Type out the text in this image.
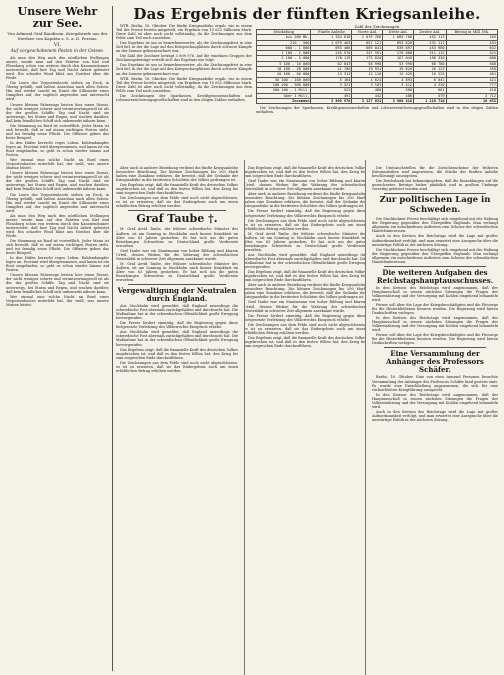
Unsere Wehr zur See.

Von Admiral Graf Baudissin. Kriegsbriefe aus der Nordsee von Kapitän z. S. a. D. Persius.

VI.

Auf vorgeschobenem Posten in der Ostsee.

Als man den Weg nach den nördlichen Stellungen antrat, wurde man auf den Fahrten von Kiel und Flensburg schon von weitem durch den Kanonendonner unterrichtet, daß hier Tag und Nacht Arbeit geleistet wird. Ein scharfer Wind bläst aus Nordost über die Förde.

Die Leute der Vorpostenboote stehen an Deck, in Ölzeug gehüllt, und halten Ausschau nach allen Seiten. Hin und wieder taucht im Dunst die Silhouette eines Dampfers auf, der sogleich angerufen und untersucht wird.

Unsere kleinen Fahrzeuge leisten hier einen Dienst, der nicht weniger schwer und verantwortungsvoll ist als der der großen Schiffe. Tag und Nacht sind sie unterwegs, bei Sturm und Regen, und wachen darüber, daß kein feindliches Schiff sich unbemerkt nähern kann.

Die Stimmung an Bord ist vortrefflich. Jeder Mann ist sich bewußt, daß er auf einem wichtigen Posten steht, und tut freudig seine Pflicht. Die Offiziere geben das beste Beispiel.

In den Häfen herrscht reges Leben. Kohlendampfer legen an, Proviant wird übergenommen, und kaum ist ein Boot eingelaufen, so geht es schon wieder hinaus auf Posten.

Wer einmal eine solche Nacht an Bord eines Vorpostenbootes miterlebt hat, der weiß, was unsere Marine leistet.

Unsere kleinen Fahrzeuge leisten hier einen Dienst, der nicht weniger schwer und verantwortungsvoll ist als der der großen Schiffe. Tag und Nacht sind sie unterwegs, bei Sturm und Regen, und wachen darüber, daß kein feindliches Schiff sich unbemerkt nähern kann.

Die Leute der Vorpostenboote stehen an Deck, in Ölzeug gehüllt, und halten Ausschau nach allen Seiten. Hin und wieder taucht im Dunst die Silhouette eines Dampfers auf, der sogleich angerufen und untersucht wird.

Als man den Weg nach den nördlichen Stellungen antrat, wurde man auf den Fahrten von Kiel und Flensburg schon von weitem durch den Kanonendonner unterrichtet, daß hier Tag und Nacht Arbeit geleistet wird. Ein scharfer Wind bläst aus Nordost über die Förde.

Die Stimmung an Bord ist vortrefflich. Jeder Mann ist sich bewußt, daß er auf einem wichtigen Posten steht, und tut freudig seine Pflicht. Die Offiziere geben das beste Beispiel.

In den Häfen herrscht reges Leben. Kohlendampfer legen an, Proviant wird übergenommen, und kaum ist ein Boot eingelaufen, so geht es schon wieder hinaus auf Posten.

Unsere kleinen Fahrzeuge leisten hier einen Dienst, der nicht weniger schwer und verantwortungsvoll ist als der der großen Schiffe. Tag und Nacht sind sie unterwegs, bei Sturm und Regen, und wachen darüber, daß kein feindliches Schiff sich unbemerkt nähern kann.

Wer einmal eine solche Nacht an Bord eines Vorpostenbootes miterlebt hat, der weiß, was unsere Marine leistet.

Das Ergebnis der fünften Kriegsanleihe.

WTB. Berlin, 16. Oktober. Die fünfte Kriegsanleihe ergab, wie in einem Teil der Presse bereits mitgeteilt, ein Ergebnis von 10 652 Millionen Mark. Diese Zahl ist aber noch nicht vollständig, da die Zeichnungen aus dem Felde zum Teil noch ausstehen.

Das Ergebnis ist um so bemerkenswerter, als die Zeichnungsfrist in eine Zeit fiel, in der die Lage auf den Kriegsschauplätzen durch schwere Kämpfe an der Somme gekennzeichnet war.

Die Zahl der Zeichner beträgt 3 809 976. Auf die einzelnen Gruppen der Zeichnungsbeträge verteilt sich das Ergebnis wie folgt:

Das Ergebnis ist um so bemerkenswerter, als die Zeichnungsfrist in eine Zeit fiel, in der die Lage auf den Kriegsschauplätzen durch schwere Kämpfe an der Somme gekennzeichnet war.

WTB. Berlin, 16. Oktober. Die fünfte Kriegsanleihe ergab, wie in einem Teil der Presse bereits mitgeteilt, ein Ergebnis von 10 652 Millionen Mark. Diese Zahl ist aber noch nicht vollständig, da die Zeichnungen aus dem Felde zum Teil noch ausstehen.

Die Zeichnungen der Sparkassen, Kreditgenossenschaften und Lebensversicherungsgesellschaften sind in den obigen Zahlen enthalten.

Zahl der Zeichnungen

Stückelung	Fünfte Anleihe	Vierte Anl.	Dritte Anl.	Zweite Anl.	Betrag in Mill. Mk.
bis 200 Mk.	1 324 018	1 079 766	1 089 700	452 113	165
210 - 500	1 079 463	857 121	893 620	231 112	452
600 - 1 000	693 466	669 841	639 897	453 980	632
1 100 - 2 000	245 970	247 591	276 880	311 112	421
2 100 - 5 000	178 119	173 020	167 045	196 320	688
5 100 - 10 000	62 843	58 996	53 990	66 780	508
10 100 - 20 000	21 786	19 931	19 820	26 123	356
20 100 - 50 000	13 312	12 116	12 420	16 225	461
50 100 - 100 000	5 164	4 624	4 893	6 041	421
100 100 - 500 000	3 521	3 103	3 412	4 220	777
500 100 - 1 Mill.	523	480	508	661	410
über 1 Mill.	491	442	486	579	2 712
Zusammen	3 809 976	3 127 031	3 966 418	1 218 716	10 652

Die Zeichnungen der Sparkassen, Kreditgenossenschaften und Lebensversicherungsgesellschaften sind in den obigen Zahlen enthalten.

Aber auch in anderer Beziehung verdient die fünfte Kriegsanleihe besondere Beachtung. Die kleinen Zeichnungen bis 200 Mark haben eine Zunahme erfahren, die beweist, daß der Gedanke der Kriegsanleihe in die breitesten Schichten des Volkes gedrungen ist.

Das Ergebnis zeigt, daß die finanzielle Kraft des deutschen Volkes ungebrochen ist, und daß es den festen Willen hat, den Krieg bis zum siegreichen Ende durchzuführen.

Die Zeichnungen aus dem Felde sind noch nicht abgeschlossen; es ist zu erwarten, daß sie das Endergebnis noch um einen erheblichen Betrag erhöhen werden.

Graf Taube †.

M. Graf Arvid Taube, der frühere schwedische Minister des Äußern, ist am Sonntag in Stockholm nach kurzer Krankheit im Alter von 63 Jahren gestorben. Er hat sich um die guten Beziehungen Schwedens zu Deutschland große Verdienste erworben.

Graf Taube war ein Staatsmann von hoher Bildung und klarem Urteil, dessen Wirken für die Wahrung der schwedischen Neutralität in schwerer Zeit allgemein anerkannt wurde.

M. Graf Arvid Taube, der frühere schwedische Minister des Äußern, ist am Sonntag in Stockholm nach kurzer Krankheit im Alter von 63 Jahren gestorben. Er hat sich um die guten Beziehungen Schwedens zu Deutschland große Verdienste erworben.

Vergewaltigung der Neutralen durch England.

Aus Stockholm wird gemeldet, daß England neuerdings die schwedische Post abermals zurückgehalten und durchsucht hat. Die Maßnahme hat in der schwedischen Öffentlichkeit große Erregung hervorgerufen.

Die Presse fordert einmütig, daß die Regierung gegen diese fortgesetzte Verletzung des Völkerrechts Einspruch erhebe.

Aus Stockholm wird gemeldet, daß England neuerdings die schwedische Post abermals zurückgehalten und durchsucht hat. Die Maßnahme hat in der schwedischen Öffentlichkeit große Erregung hervorgerufen.

Das Ergebnis zeigt, daß die finanzielle Kraft des deutschen Volkes ungebrochen ist, und daß es den festen Willen hat, den Krieg bis zum siegreichen Ende durchzuführen.

Die Zeichnungen aus dem Felde sind noch nicht abgeschlossen; es ist zu erwarten, daß sie das Endergebnis noch um einen erheblichen Betrag erhöhen werden.

Das Ergebnis zeigt, daß die finanzielle Kraft des deutschen Volkes ungebrochen ist, und daß es den festen Willen hat, den Krieg bis zum siegreichen Ende durchzuführen.

Graf Taube war ein Staatsmann von hoher Bildung und klarem Urteil, dessen Wirken für die Wahrung der schwedischen Neutralität in schwerer Zeit allgemein anerkannt wurde.

Aber auch in anderer Beziehung verdient die fünfte Kriegsanleihe besondere Beachtung. Die kleinen Zeichnungen bis 200 Mark haben eine Zunahme erfahren, die beweist, daß der Gedanke der Kriegsanleihe in die breitesten Schichten des Volkes gedrungen ist.

Die Presse fordert einmütig, daß die Regierung gegen diese fortgesetzte Verletzung des Völkerrechts Einspruch erhebe.

Die Zeichnungen aus dem Felde sind noch nicht abgeschlossen; es ist zu erwarten, daß sie das Endergebnis noch um einen erheblichen Betrag erhöhen werden.

M. Graf Arvid Taube, der frühere schwedische Minister des Äußern, ist am Sonntag in Stockholm nach kurzer Krankheit im Alter von 63 Jahren gestorben. Er hat sich um die guten Beziehungen Schwedens zu Deutschland große Verdienste erworben.

Aus Stockholm wird gemeldet, daß England neuerdings die schwedische Post abermals zurückgehalten und durchsucht hat. Die Maßnahme hat in der schwedischen Öffentlichkeit große Erregung hervorgerufen.

Das Ergebnis zeigt, daß die finanzielle Kraft des deutschen Volkes ungebrochen ist, und daß es den festen Willen hat, den Krieg bis zum siegreichen Ende durchzuführen.

Aber auch in anderer Beziehung verdient die fünfte Kriegsanleihe besondere Beachtung. Die kleinen Zeichnungen bis 200 Mark haben eine Zunahme erfahren, die beweist, daß der Gedanke der Kriegsanleihe in die breitesten Schichten des Volkes gedrungen ist.

Graf Taube war ein Staatsmann von hoher Bildung und klarem Urteil, dessen Wirken für die Wahrung der schwedischen Neutralität in schwerer Zeit allgemein anerkannt wurde.

Die Presse fordert einmütig, daß die Regierung gegen diese fortgesetzte Verletzung des Völkerrechts Einspruch erhebe.

Die Zeichnungen aus dem Felde sind noch nicht abgeschlossen; es ist zu erwarten, daß sie das Endergebnis noch um einen erheblichen Betrag erhöhen werden.

Das Ergebnis zeigt, daß die finanzielle Kraft des deutschen Volkes ungebrochen ist, und daß es den festen Willen hat, den Krieg bis zum siegreichen Ende durchzuführen.

Die Umtauschstellen für die Zwischenscheine der früheren Kriegsanleihen sind angewiesen, die Stücke der fünften Anleihe beschleunigt auszugeben.

Die Reichsbank hat bekanntgegeben, daß die Einzahlungen auf die gezeichneten Beträge bisher pünktlich und in großem Umfange vorzeitig geleistet worden sind.

Zur politischen Lage in Schweden.

Die Stockholmer Presse beschäftigt sich eingehend mit der Haltung der Regierung gegenüber den Übergriffen Englands. Man verlangt allgemein ein entschiedenes Auftreten zum Schutze der schwedischen Handelsinteressen.

Auch in den Kreisen des Reichstags wird die Lage mit großer Aufmerksamkeit verfolgt, und man erwartet eine Aussprache über die auswärtige Politik in der nächsten Sitzung.

Die Stockholmer Presse beschäftigt sich eingehend mit der Haltung der Regierung gegenüber den Übergriffen Englands. Man verlangt allgemein ein entschiedenes Auftreten zum Schutze der schwedischen Handelsinteressen.

Die weiteren Aufgaben des Reichstagshauptausschusses.

In den Kreisen des Reichstags wird angenommen, daß der Hauptausschuß in seinen nächsten Sitzungen die Fragen der Volksernährung und der Versorgung mit Kohlen eingehend behandeln wird.

Ferner soll über die Lage der Kriegsbeschädigten und die Fürsorge für die Hinterbliebenen beraten werden. Die Regierung wird hierzu Denkschriften vorlegen.

In den Kreisen des Reichstags wird angenommen, daß der Hauptausschuß in seinen nächsten Sitzungen die Fragen der Volksernährung und der Versorgung mit Kohlen eingehend behandeln wird.

Ferner soll über die Lage der Kriegsbeschädigten und die Fürsorge für die Hinterbliebenen beraten werden. Die Regierung wird hierzu Denkschriften vorlegen.

Eine Versammlung der Anhänger des Professors Schäfer.

Berlin, 16. Oktober. Eine von etwa tausend Personen besuchte Versammlung der Anhänger des Professors Schäfer fand gestern statt. Es wurde eine Entschließung angenommen, die sich für eine rücksichtslose Kriegführung ausspricht.

In den Kreisen des Reichstags wird angenommen, daß der Hauptausschuß in seinen nächsten Sitzungen die Fragen der Volksernährung und der Versorgung mit Kohlen eingehend behandeln wird.

Auch in den Kreisen des Reichstags wird die Lage mit großer Aufmerksamkeit verfolgt, und man erwartet eine Aussprache über die auswärtige Politik in der nächsten Sitzung.
